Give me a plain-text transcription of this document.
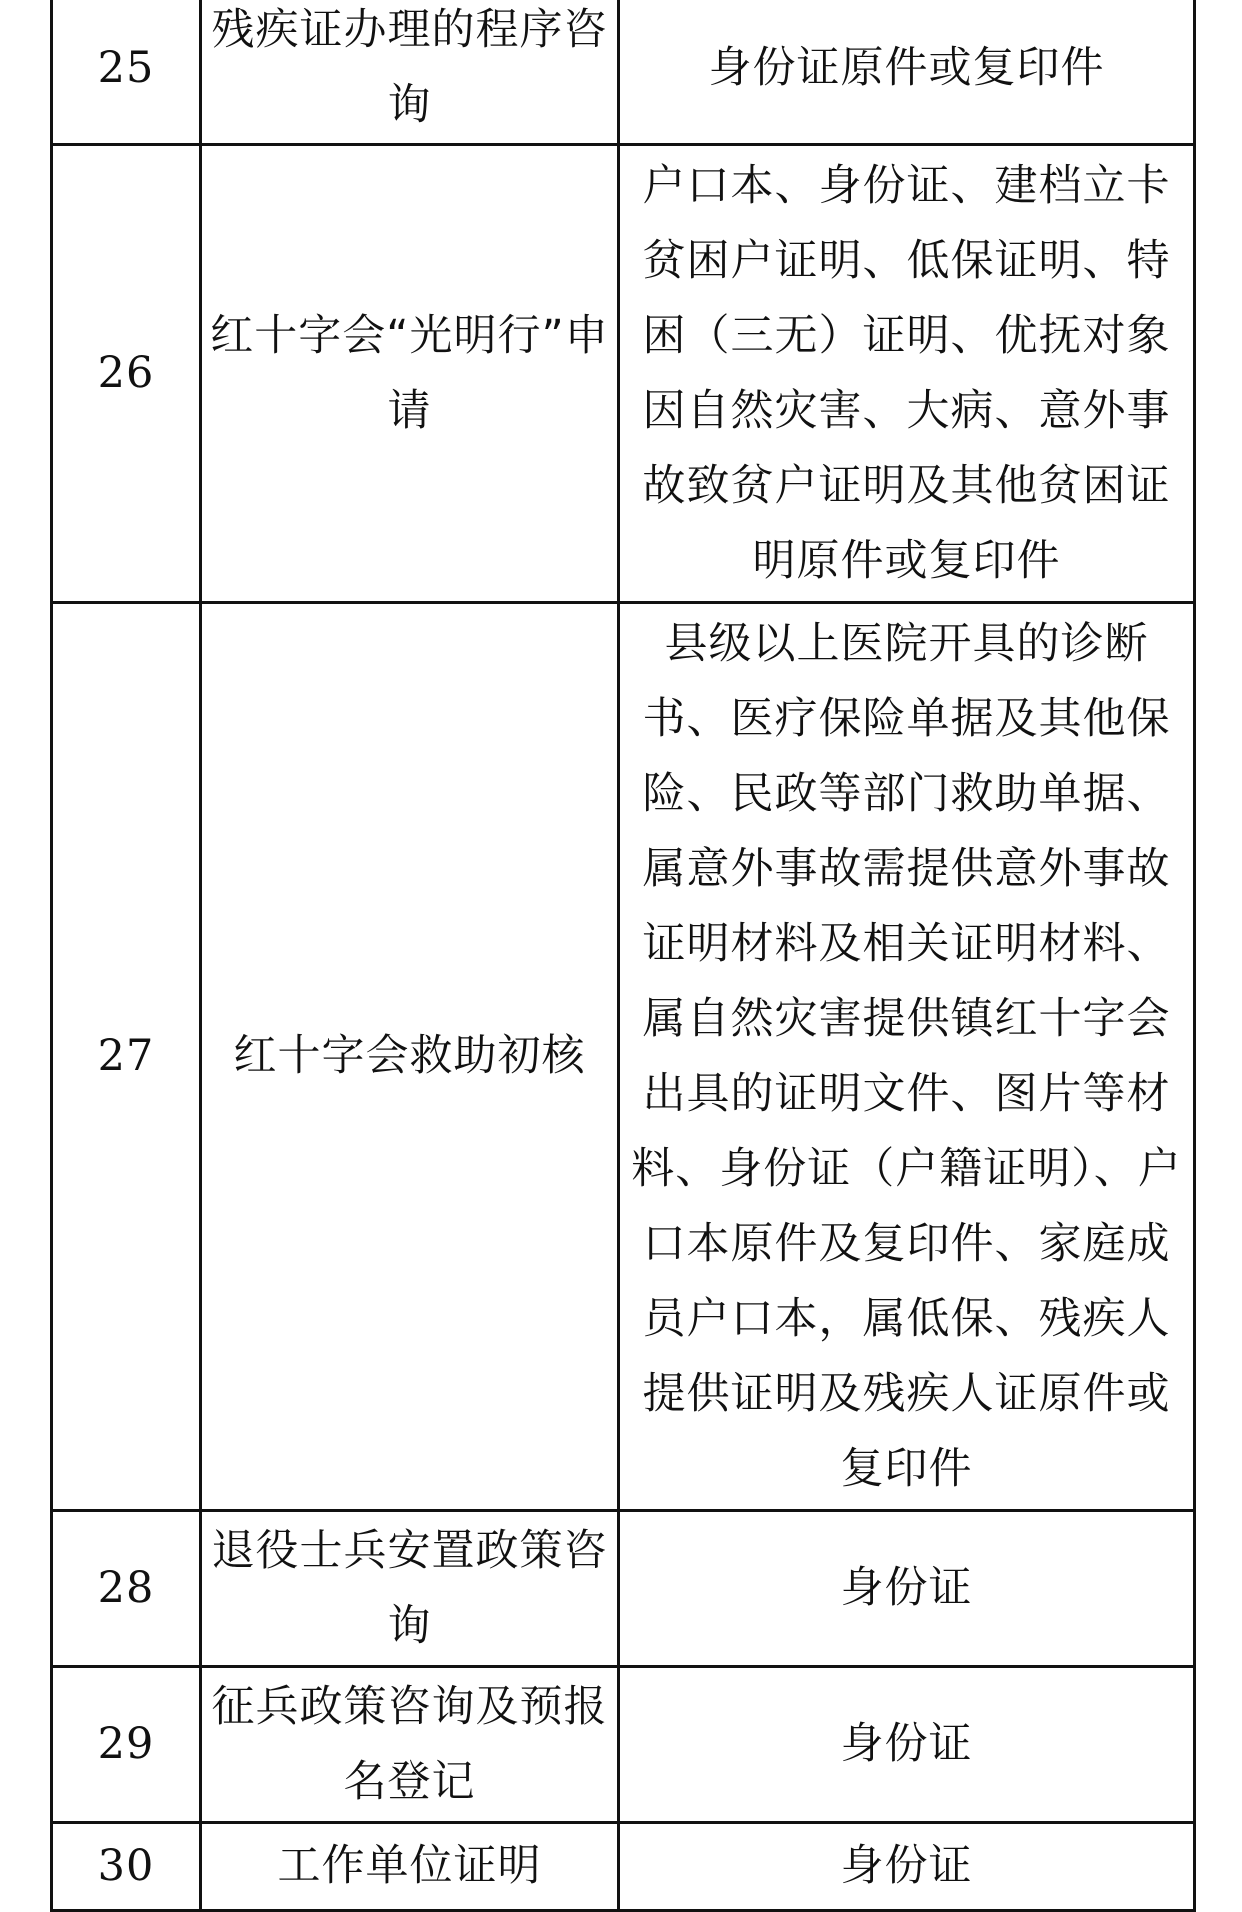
25	残疾证办理的程序咨询	身份证原件或复印件
26	红十字会“光明行”申请	户口本、身份证、建档立卡贫困户证明、低保证明、特困（三无）证明、优抚对象因自然灾害、大病、意外事故致贫户证明及其他贫困证明原件或复印件
27	红十字会救助初核	县级以上医院开具的诊断书、医疗保险单据及其他保险、民政等部门救助单据、属意外事故需提供意外事故证明材料及相关证明材料、属自然灾害提供镇红十字会出具的证明文件、图片等材料、身份证（户籍证明）、户口本原件及复印件、家庭成员户口本，属低保、残疾人提供证明及残疾人证原件或复印件
28	退役士兵安置政策咨询	身份证
29	征兵政策咨询及预报名登记	身份证
30	工作单位证明	身份证
